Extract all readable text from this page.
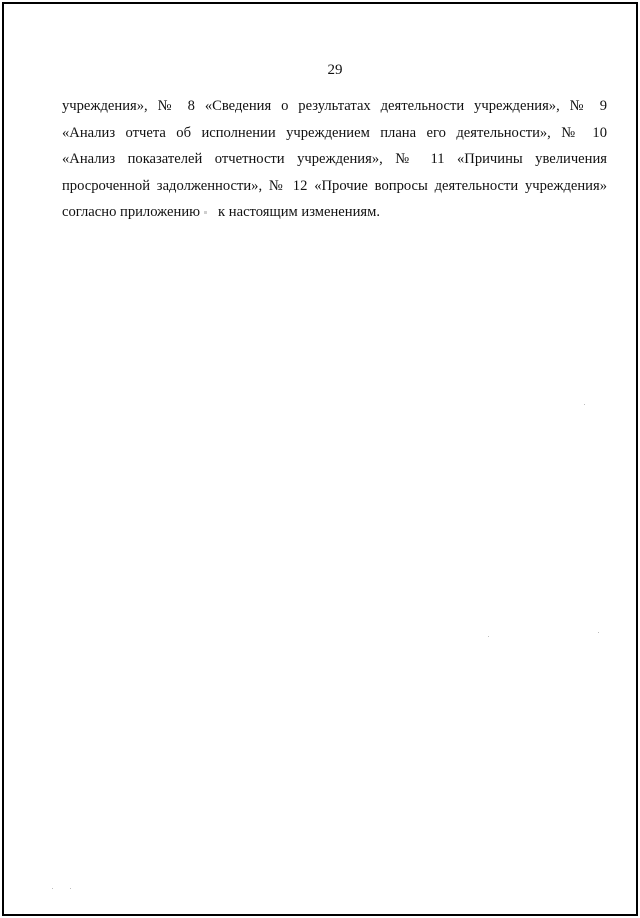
29
учреждения», № 8 «Сведения о результатах деятельности учреждения», № 9
«Анализ отчета об исполнении учреждением плана его деятельности», № 10
«Анализ показателей отчетности учреждения», № 11 «Причины увеличения
просроченной задолженности», № 12 «Прочие вопросы деятельности учреждения»
согласно приложению к настоящим изменениям.
